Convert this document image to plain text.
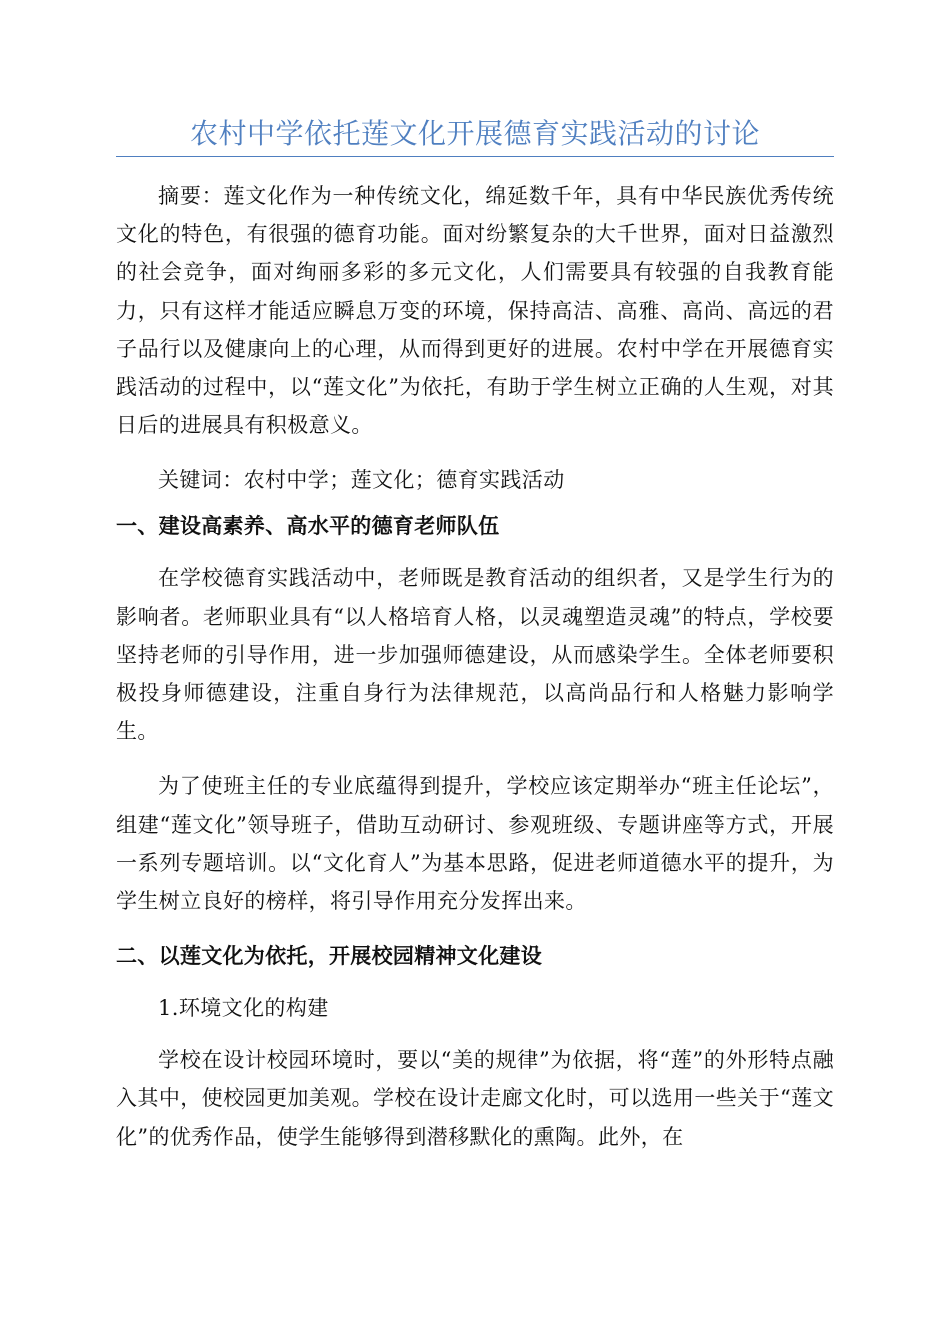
农村中学依托莲文化开展德育实践活动的讨论

摘要：莲文化作为一种传统文化，绵延数千年，具有中华民族优秀传统文化的特色，有很强的德育功能。面对纷繁复杂的大千世界，面对日益激烈的社会竞争，面对绚丽多彩的多元文化，人们需要具有较强的自我教育能力，只有这样才能适应瞬息万变的环境，保持高洁、高雅、高尚、高远的君子品行以及健康向上的心理，从而得到更好的进展。农村中学在开展德育实践活动的过程中，以“莲文化”为依托，有助于学生树立正确的人生观，对其日后的进展具有积极意义。

关键词：农村中学；莲文化；德育实践活动

一、建设高素养、高水平的德育老师队伍

在学校德育实践活动中，老师既是教育活动的组织者，又是学生行为的影响者。老师职业具有“以人格培育人格，以灵魂塑造灵魂”的特点，学校要坚持老师的引导作用，进一步加强师德建设，从而感染学生。全体老师要积极投身师德建设，注重自身行为法律规范，以高尚品行和人格魅力影响学生。

为了使班主任的专业底蕴得到提升，学校应该定期举办“班主任论坛”，组建“莲文化”领导班子，借助互动研讨、参观班级、专题讲座等方式，开展一系列专题培训。以“文化育人”为基本思路，促进老师道德水平的提升，为学生树立良好的榜样，将引导作用充分发挥出来。

二、以莲文化为依托，开展校园精神文化建设

1.环境文化的构建

学校在设计校园环境时，要以“美的规律”为依据，将“莲”的外形特点融入其中，使校园更加美观。学校在设计走廊文化时，可以选用一些关于“莲文化”的优秀作品，使学生能够得到潜移默化的熏陶。此外，在
